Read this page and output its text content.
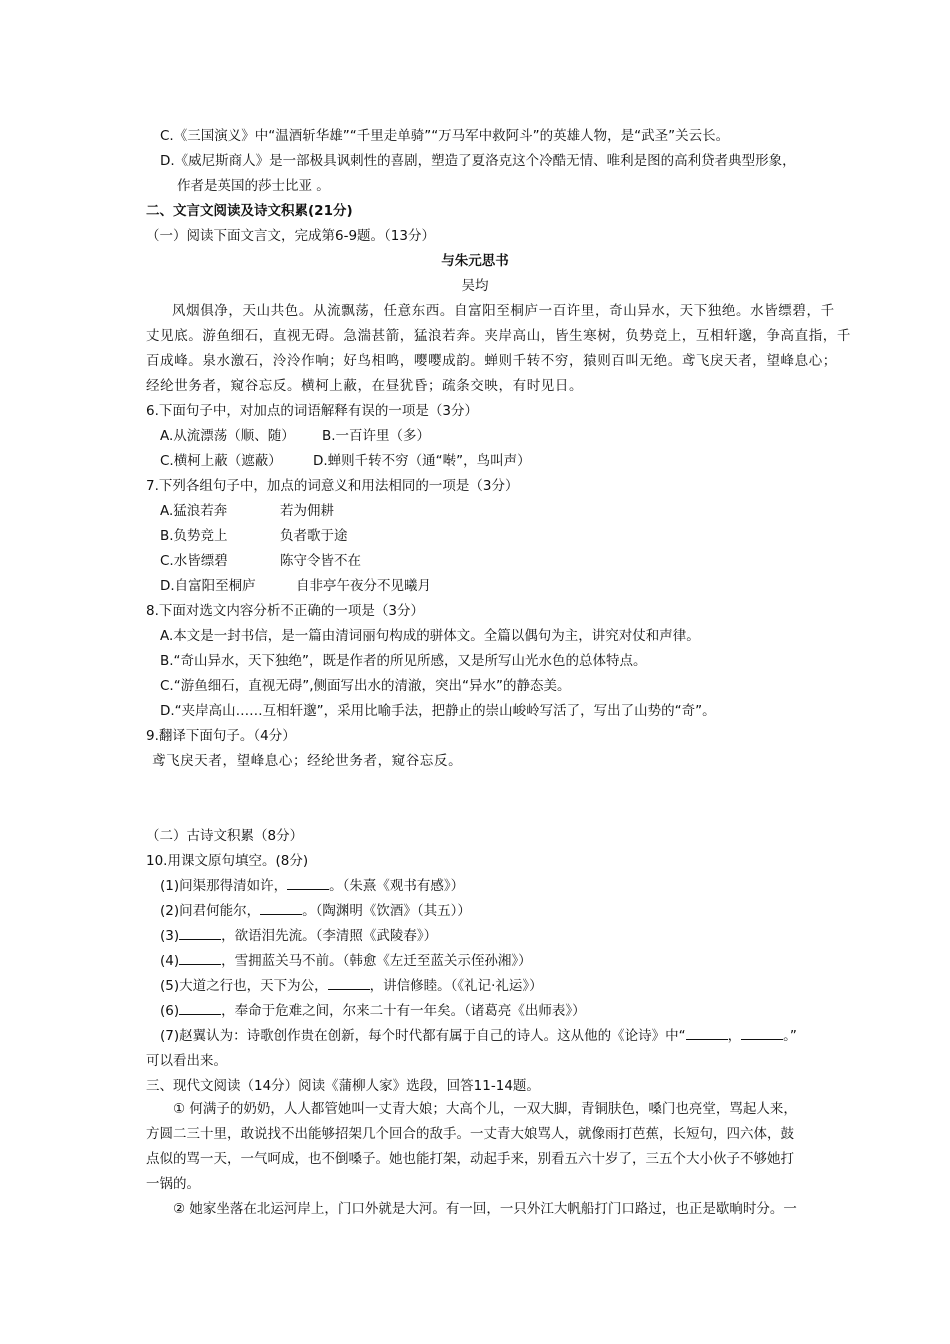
C.《三国演义》中“温酒斩华雄”“千里走单骑”“万马军中救阿斗”的英雄人物，是“武圣”关云长。
D.《威尼斯商人》是一部极具讽刺性的喜剧，塑造了夏洛克这个冷酷无情、唯利是图的高利贷者典型形象，
作者是英国的莎士比亚 。
二、文言文阅读及诗文积累(21分)
（一）阅读下面文言文，完成第6-9题。（13分）
与朱元思书
吴均
风烟俱净，天山共色。从流飘荡，任意东西。自富阳至桐庐一百许里，奇山异水，天下独绝。水皆缥碧，千
丈见底。游鱼细石，直视无碍。急湍甚箭，猛浪若奔。夹岸高山，皆生寒树，负势竞上，互相轩邈，争高直指，千
百成峰。泉水激石，泠泠作响；好鸟相鸣，嘤嘤成韵。蝉则千转不穷，猿则百叫无绝。鸢飞戾天者，望峰息心；
经纶世务者，窥谷忘反。横柯上蔽，在昼犹昏；疏条交映，有时见日。
6.下面句子中，对加点的词语解释有误的一项是（3分）
A.从流漂荡（顺、随） B.一百许里（多）
C.横柯上蔽（遮蔽） D.蝉则千转不穷（通“啭”，鸟叫声）
7.下列各组句子中，加点的词意义和用法相同的一项是（3分）
A.猛浪若奔	若为佣耕
B.负势竞上	负者歌于途
C.水皆缥碧	陈守令皆不在
D.自富阳至桐庐	自非亭午夜分不见曦月
8.下面对选文内容分析不正确的一项是（3分）
A.本文是一封书信，是一篇由清词丽句构成的骈体文。全篇以偶句为主，讲究对仗和声律。
B.“奇山异水，天下独绝”，既是作者的所见所感，又是所写山光水色的总体特点。
C.“游鱼细石，直视无碍”,侧面写出水的清澈，突出“异水”的静态美。
D.“夹岸高山……互相轩邈”，采用比喻手法，把静止的崇山峻岭写活了，写出了山势的“奇”。
9.翻译下面句子。（4分）
鸢飞戾天者，望峰息心；经纶世务者，窥谷忘反。
（二）古诗文积累（8分）
10.用课文原句填空。(8分)
(1)问渠那得清如许，	。（朱熹《观书有感》）
(2)问君何能尔，	。（陶渊明《饮酒》（其五））
(3)	，欲语泪先流。（李清照《武陵春》）
(4)	，雪拥蓝关马不前。（韩愈《左迁至蓝关示侄孙湘》）
(5)大道之行也，天下为公，	，讲信修睦。（《礼记·礼运》）
(6)	，奉命于危难之间，尔来二十有一年矣。（诸葛亮《出师表》）
(7)赵翼认为：诗歌创作贵在创新，每个时代都有属于自己的诗人。这从他的《论诗》中“	，	。”
可以看出来。
三、现代文阅读（14分）阅读《蒲柳人家》选段，回答11-14题。

① 何满子的奶奶，人人都管她叫一丈青大娘；大高个儿，一双大脚，青铜肤色，嗓门也亮堂，骂起人来，方圆二三十里，敢说找不出能够招架几个回合的敌手。一丈青大娘骂人，就像雨打芭蕉，长短句，四六体，鼓点似的骂一天，一气呵成，也不倒嗓子。她也能打架，动起手来，别看五六十岁了，三五个大小伙子不够她打一锅的。

② 她家坐落在北运河岸上，门口外就是大河。有一回，一只外江大帆船打门口路过，也正是歇晌时分。一
